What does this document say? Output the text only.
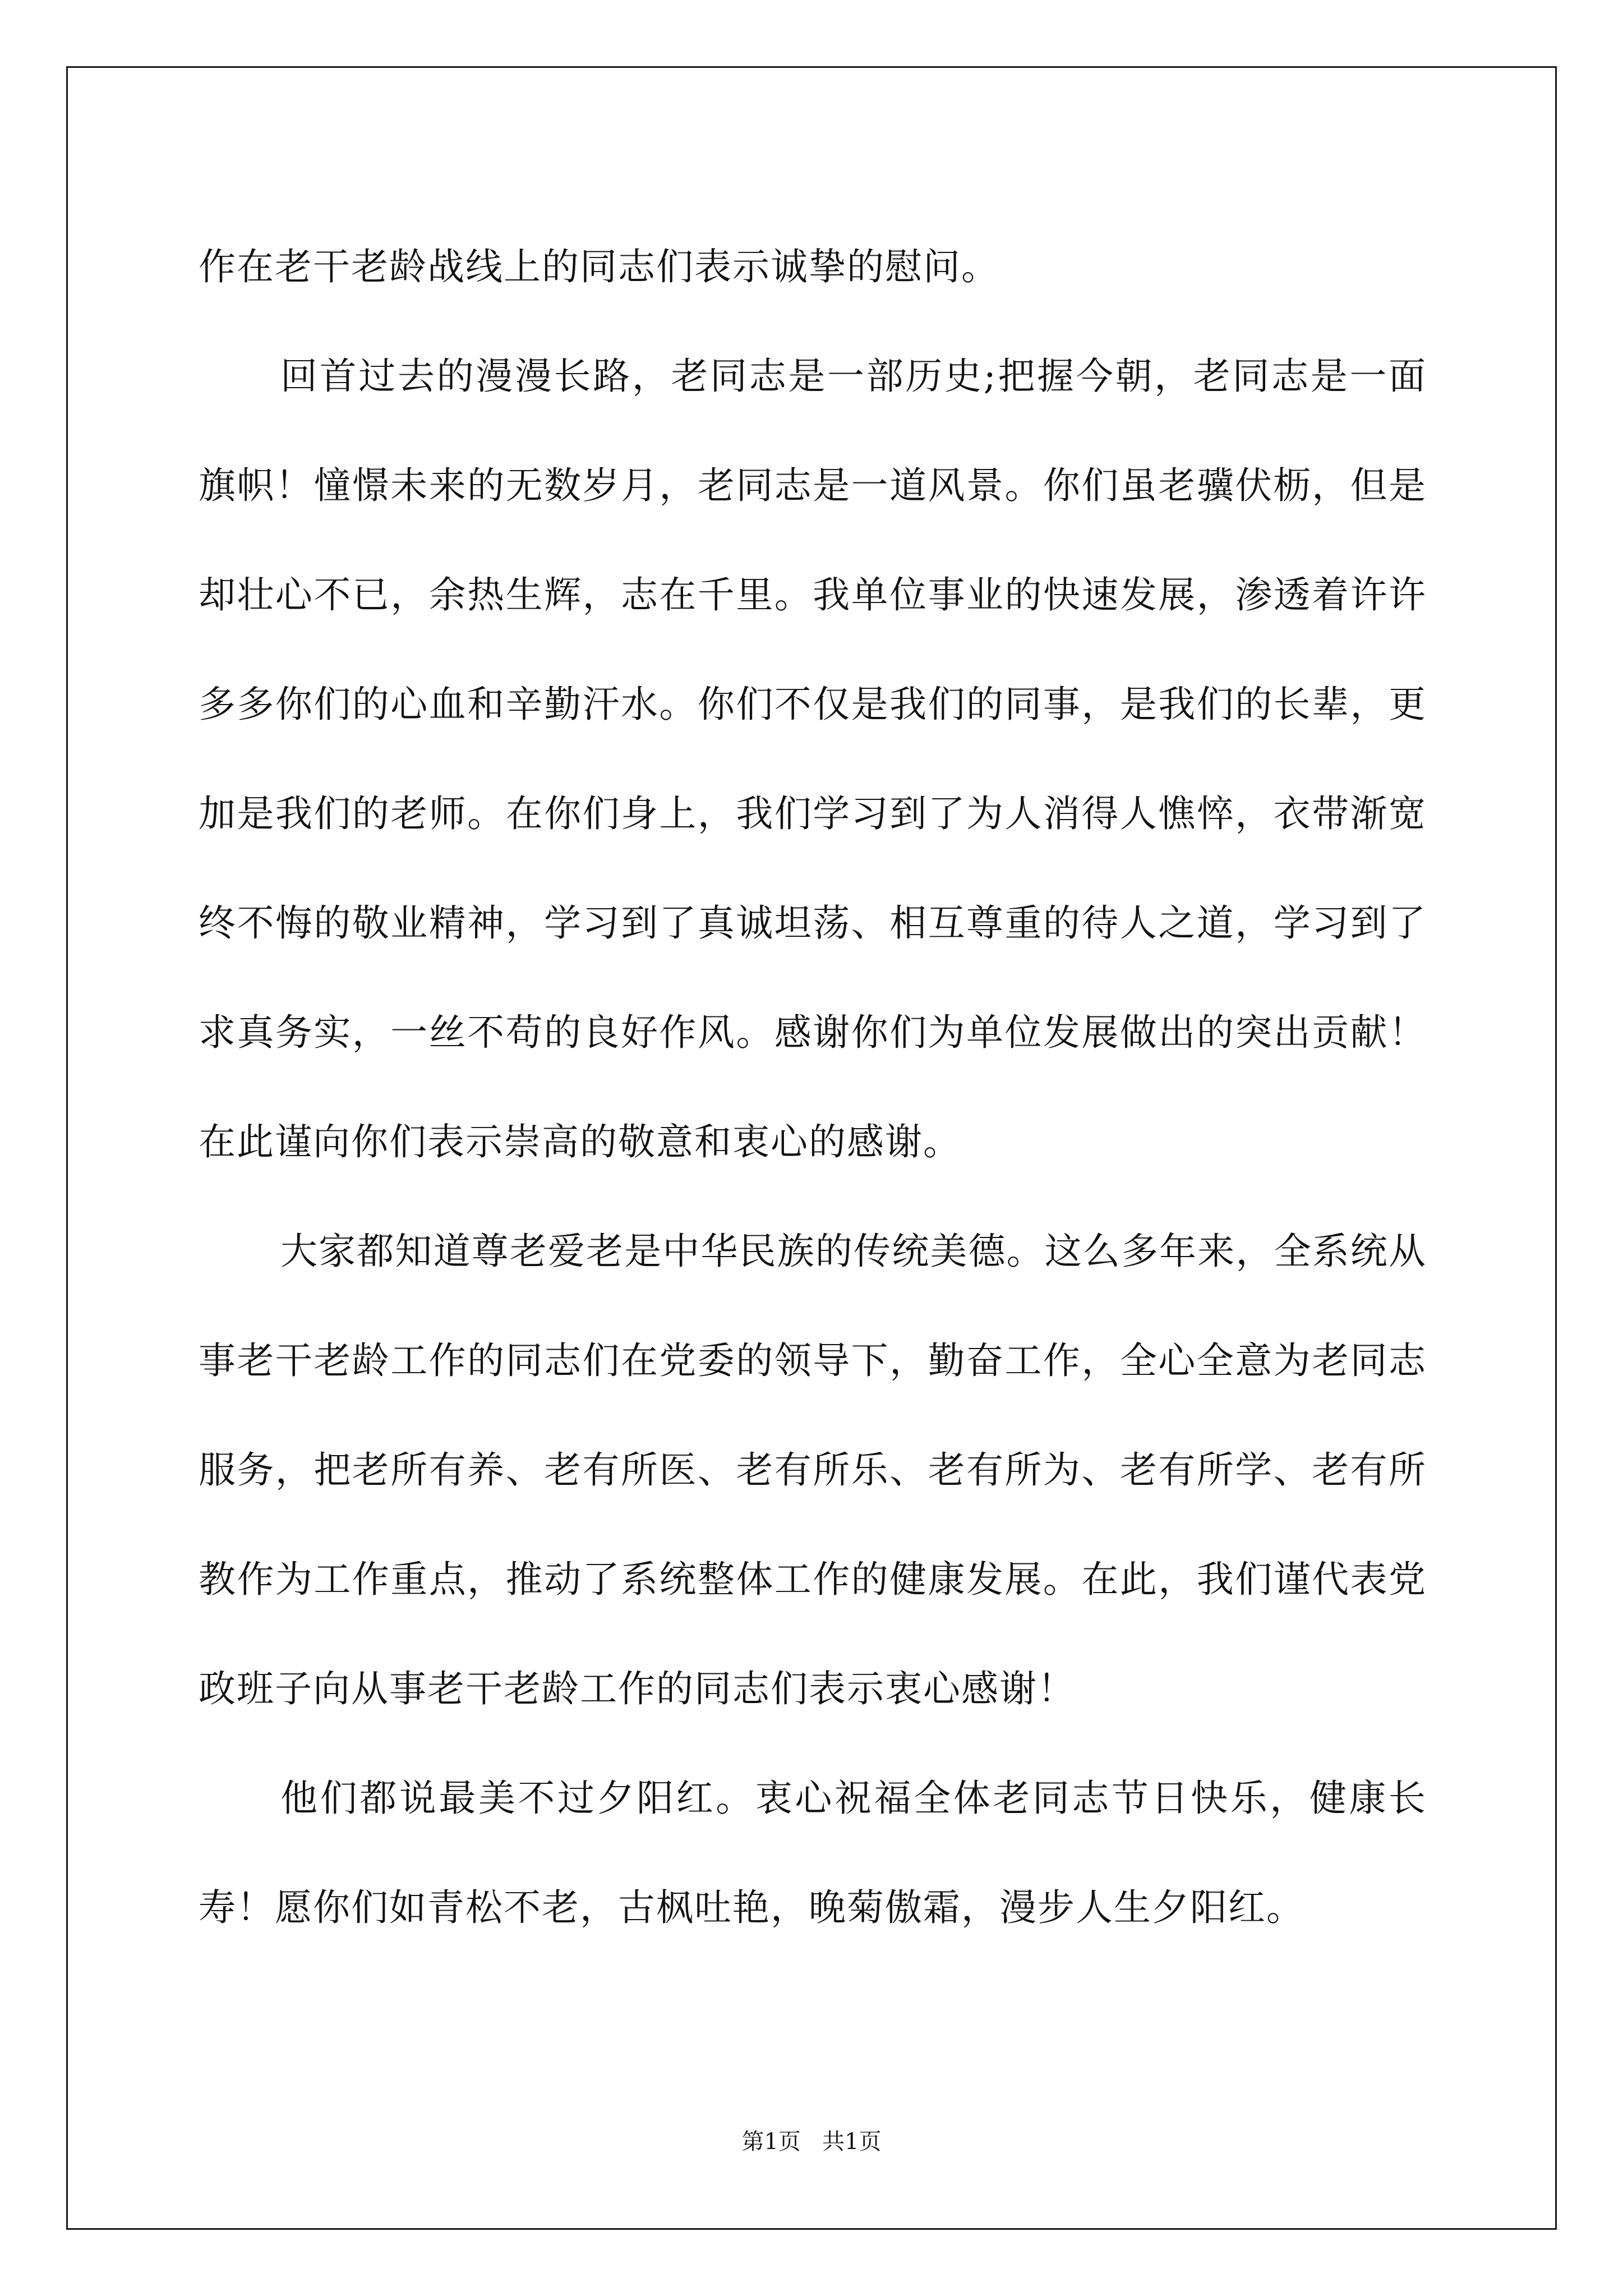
作在老干老龄战线上的同志们表示诚挚的慰问。

回首过去的漫漫长路，老同志是一部历史;把握今朝，老同志是一面旗帜！憧憬未来的无数岁月，老同志是一道风景。你们虽老骥伏枥，但是却壮心不已，余热生辉，志在千里。我单位事业的快速发展，渗透着许许多多你们的心血和辛勤汗水。你们不仅是我们的同事，是我们的长辈，更加是我们的老师。在你们身上，我们学习到了为人消得人憔悴，衣带渐宽终不悔的敬业精神，学习到了真诚坦荡、相互尊重的待人之道，学习到了求真务实，一丝不苟的良好作风。感谢你们为单位发展做出的突出贡献！在此谨向你们表示崇高的敬意和衷心的感谢。

大家都知道尊老爱老是中华民族的传统美德。这么多年来，全系统从事老干老龄工作的同志们在党委的领导下，勤奋工作，全心全意为老同志服务，把老所有养、老有所医、老有所乐、老有所为、老有所学、老有所教作为工作重点，推动了系统整体工作的健康发展。在此，我们谨代表党政班子向从事老干老龄工作的同志们表示衷心感谢！

他们都说最美不过夕阳红。衷心祝福全体老同志节日快乐，健康长寿！愿你们如青松不老，古枫吐艳，晚菊傲霜，漫步人生夕阳红。

第1页   共1页
